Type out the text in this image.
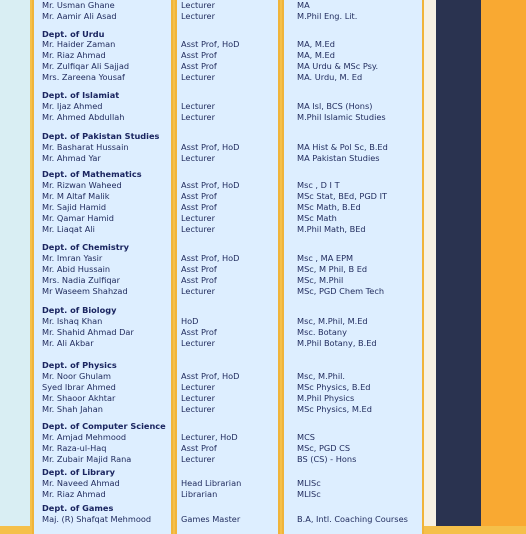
Mr. Usman Ghane	Lecturer	MA
Mr. Aamir Ali Asad	Lecturer	M.Phil Eng. Lit.
Dept. of Urdu
Mr. Haider Zaman	Asst Prof, HoD	MA, M.Ed
Mr. Riaz Ahmad	Asst Prof	MA, M.Ed
Mr. Zulfiqar Ali Sajjad	Asst Prof	MA Urdu & MSc Psy.
Mrs. Zareena Yousaf	Lecturer	MA. Urdu, M. Ed
Dept. of Islamiat
Mr. Ijaz Ahmed	Lecturer	MA Isl, BCS (Hons)
Mr. Ahmed Abdullah	Lecturer	M.Phil Islamic Studies
Dept. of Pakistan Studies
Mr. Basharat Hussain	Asst Prof, HoD	MA Hist & Pol Sc, B.Ed
Mr. Ahmad Yar	Lecturer	MA Pakistan Studies
Dept. of Mathematics
Mr. Rizwan Waheed	Asst Prof, HoD	Msc , D I T
Mr. M Altaf Malik	Asst Prof	MSc Stat, BEd, PGD IT
Mr. Sajid Hamid	Asst Prof	MSc Math, B.Ed
Mr. Qamar Hamid	Lecturer	MSc Math
Mr. Liaqat Ali	Lecturer	M.Phil Math, BEd
Dept. of Chemistry
Mr. Imran Yasir	Asst Prof, HoD	Msc , MA EPM
Mr. Abid Hussain	Asst Prof	MSc, M Phil, B Ed
Mrs. Nadia Zulfiqar	Asst Prof	MSc, M.Phil
Mr Waseem Shahzad	Lecturer	MSc, PGD Chem Tech
Dept. of Biology
Mr. Ishaq Khan	HoD	Msc, M.Phil, M.Ed
Mr. Shahid Ahmad Dar	Asst Prof	Msc. Botany
Mr. Ali Akbar	Lecturer	M.Phil Botany, B.Ed
Dept. of Physics
Mr. Noor Ghulam	Asst Prof, HoD	Msc, M.Phil.
Syed Ibrar Ahmed	Lecturer	MSc Physics, B.Ed
Mr. Shaoor Akhtar	Lecturer	M.Phil Physics
Mr. Shah Jahan	Lecturer	MSc Physics, M.Ed
Dept. of Computer Science
Mr. Amjad Mehmood	Lecturer, HoD	MCS
Mr. Raza-ul-Haq	Asst Prof	MSc, PGD CS
Mr. Zubair Majid Rana	Lecturer	BS (CS) - Hons
Dept. of Library
Mr. Naveed Ahmad	Head Librarian	MLISc
Mr. Riaz Ahmad	Librarian	MLISc
Dept. of Games
Maj. (R) Shafqat Mehmood	Games Master	B.A, Intl. Coaching Courses
